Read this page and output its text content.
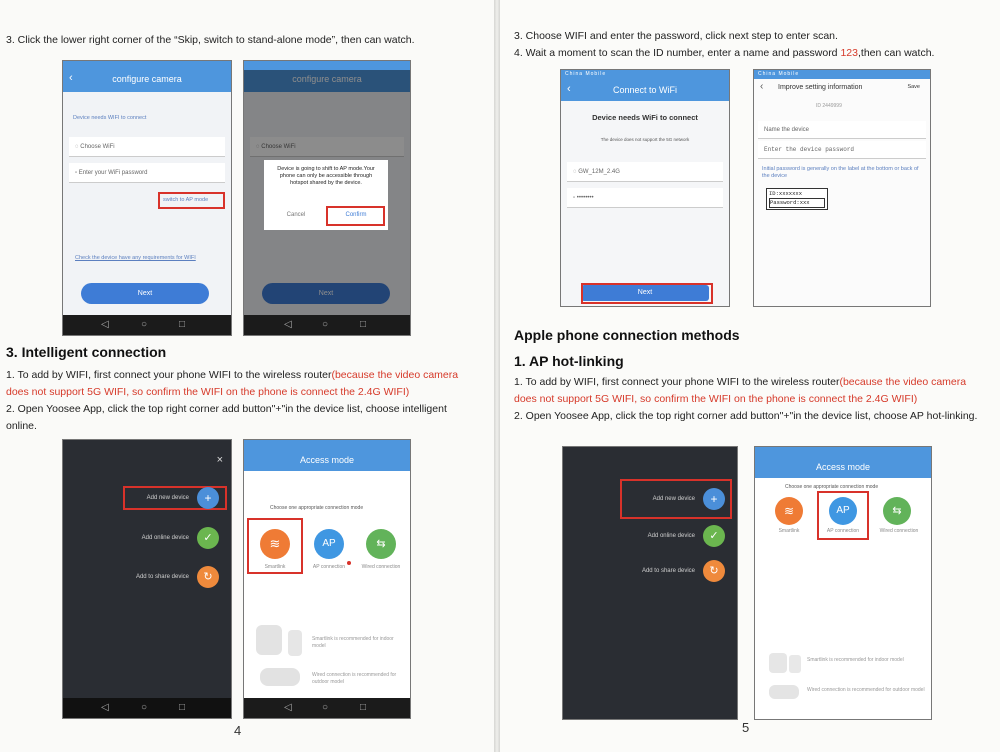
3. Click the lower right corner of the “Skip, switch to stand-alone mode”, then can watch.
configure camera
‹
Device needs WIFI to connect
◌ Choose WiFi
▫ Enter your WiFi password
switch to AP mode
Check the device have any requirements for WIFI
Next
◁	○	□
configure camera
◌ Choose WiFi
Next
Device is going to shift to AP mode.Your phone can only be accessible through hotspot shared by the device.
Cancel	Confirm
◁	○	□
3. Intelligent connection
1. To add by WIFI, first connect your phone WIFI to the wireless router(because the video camera does not support 5G WIFI, so confirm the WIFI on the phone is connect the 2.4G WIFI)
2. Open Yoosee App, click the top right corner add button"+"in the device list, choose intelligent online.
×
Add new device	+
Add online device	✓
Add to share device	↻
◁	○	□
Access mode
Choose one appropriate connection mode
≋
Smartlink
AP
AP connection
⇆
Wired connection
Smartlink is recommended for indoor model
Wired connection is recommended for outdoor model
◁	○	□
4
3. Choose WIFI and enter the password, click next step to enter scan.
4. Wait a moment to scan the ID number, enter a name and password 123,then can watch.
China Mobile
Connect to WiFi
‹
Device needs WiFi to connect
The device does not support the 5G network
◌ GW_12M_2.4G
▫ ••••••••
Next
China Mobile
‹ Improve setting information	Save
ID 2449999
Name the device
Enter the device password
Initial password is generally on the label at the bottom or back of the device
ID:xxxxxxx
Password:xxx
Apple phone connection methods
1. AP hot-linking
1. To add by WIFI, first connect your phone WIFI to the wireless router(because the video camera does not support 5G WIFI, so confirm the WIFI on the phone is connect the 2.4G WIFI)
2. Open Yoosee App, click the top right corner add button"+"in the device list, choose AP hot-linking.
Add new device	+
Add online device	✓
Add to share device	↻
Access mode
Choose one appropriate connection mode
≋
Smartlink
AP
AP connection
⇆
Wired connection
Smartlink is recommended for indoor model
Wired connection is recommended for outdoor model
5
